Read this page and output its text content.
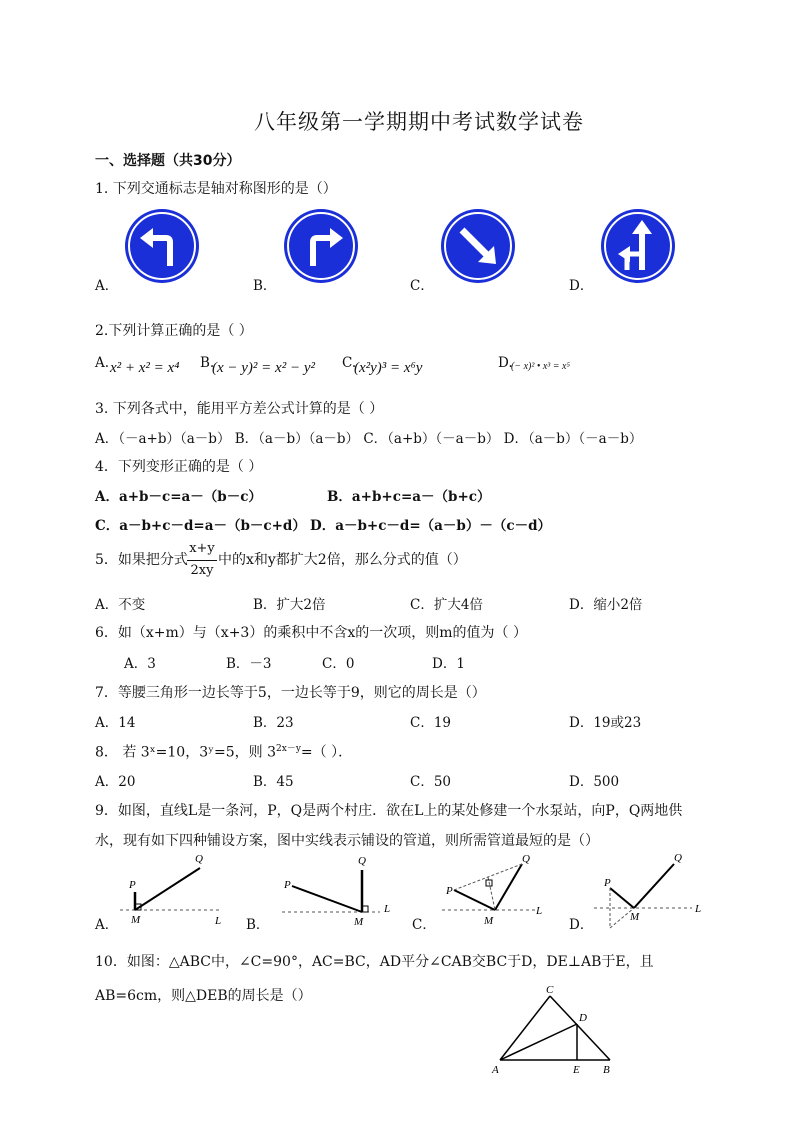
八年级第一学期期中考试数学试卷
一、选择题（共30分）
1. 下列交通标志是轴对称图形的是（）
A．	B．	C．	D．
2.下列计算正确的是（ ）
A. x² + x² = x⁴ B.
(x − y)² = x² − y² C.
(x²y)³ = x⁶y	D.
(− x)² • x³ = x⁵
3. 下列各式中，能用平方差公式计算的是（ ）
A．（－a+b）（a－b） B．（a－b）（a－b） C．（a+b）（－a－b） D．（a－b）（－a－b）
4．下列变形正确的是（ ）
A．a+b－c=a－（b－c）	B．a+b+c=a－（b+c）
C．a－b+c－d=a－（b－c+d） D．a－b+c－d=（a－b）－（c－d）
5．如果把分式
x+y
2xy
中的x和y都扩大2倍，那么分式的值（）
A．不变	B．扩大2倍	C．扩大4倍	D．缩小2倍
6．如（x+m）与（x+3）的乘积中不含x的一次项，则m的值为（ ）
A．3	B．－3	C．0	D．1
7．等腰三角形一边长等于5，一边长等于9，则它的周长是（）
A．14	B．23	C．19	D．19或23
8． 若 3ˣ=10，3ʸ=5，则 $3^{2x-y}=$（ ）．
A．20	B．45	C．50	D．500
9．如图，直线L是一条河，P，Q是两个村庄．欲在L上的某处修建一个水泵站，向P，Q两地供
水，现有如下四种铺设方案，图中实线表示铺设的管道，则所需管道最短的是（）
A．	B．	C．	D．
P
Q
M	L
P
Q
M
L
P
Q
M
L
P
Q
M
L
10．如图：△ABC中，∠C=90°，AC=BC，AD平分∠CAB交BC于D，DE⊥AB于E，且
AB=6cm，则△DEB的周长是（）	C
D
A	E B
